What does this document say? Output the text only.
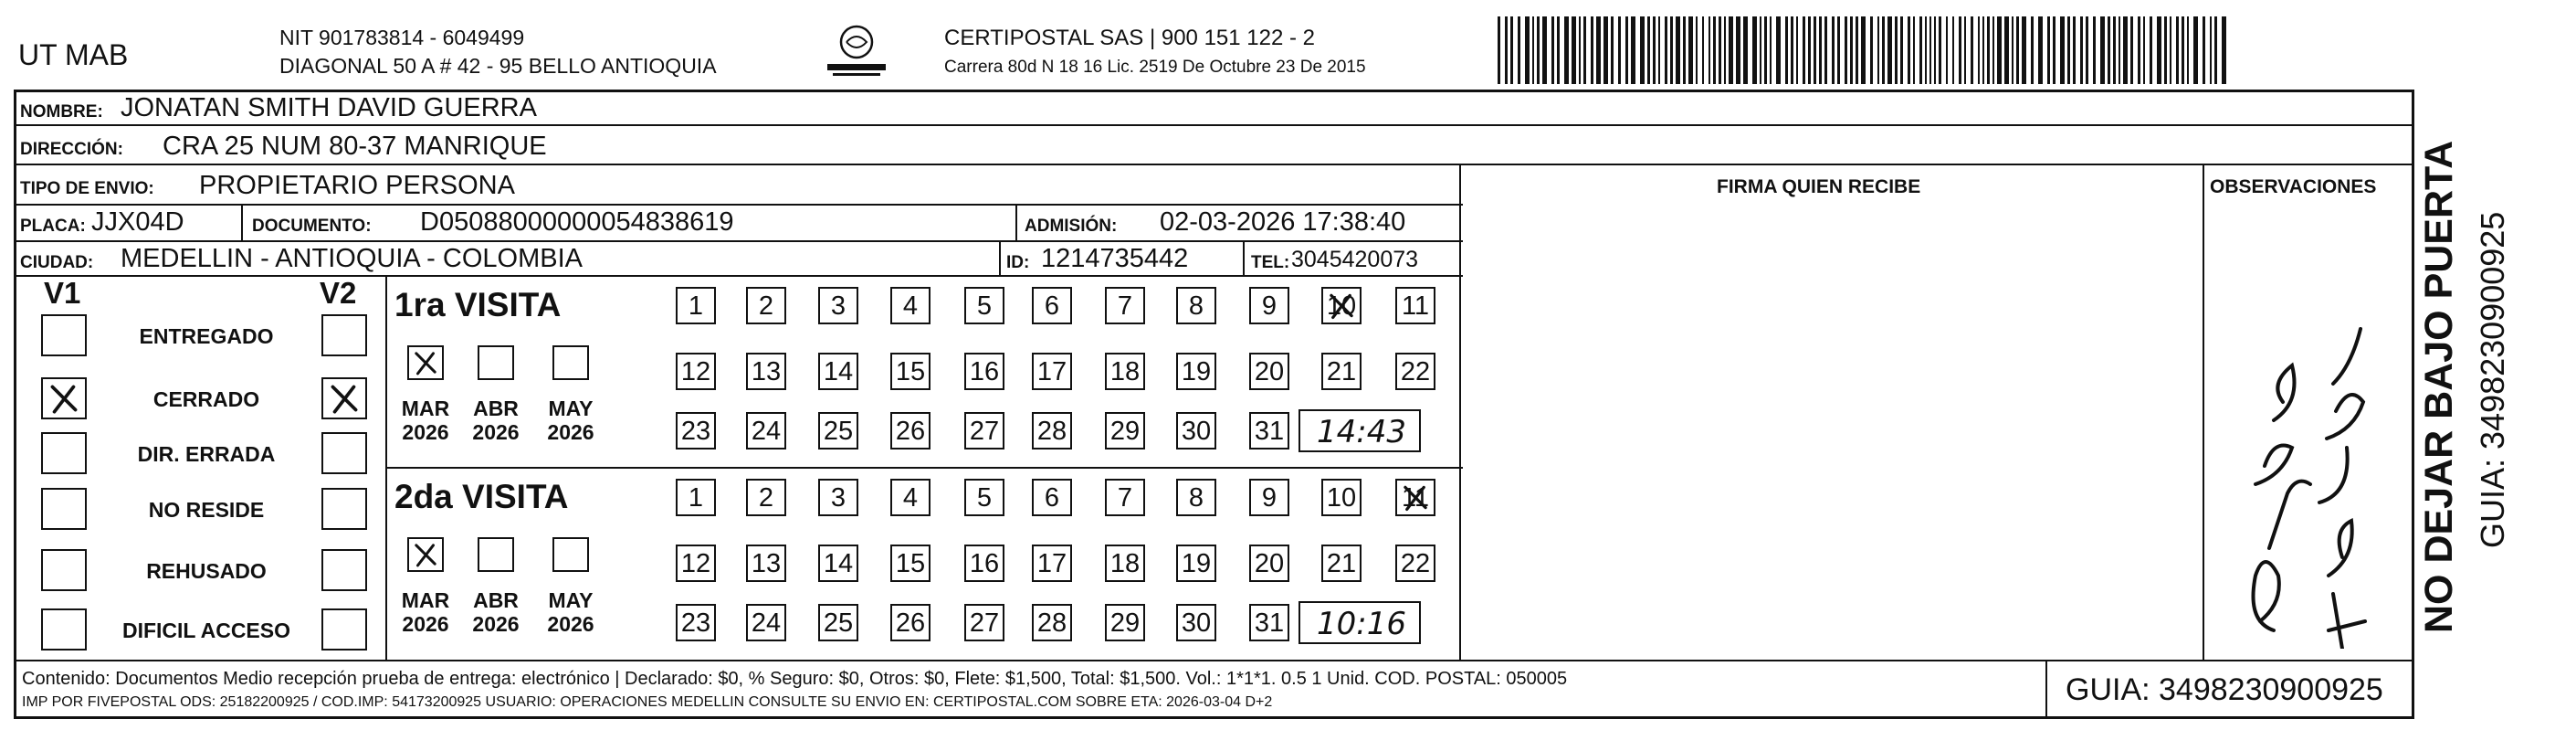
UT MAB
NIT 901783814 - 6049499
DIAGONAL 50 A # 42 - 95 BELLO ANTIOQUIA
CERTIPOSTAL SAS | 900 151 122 - 2
Carrera 80d N 18 16 Lic. 2519 De Octubre 23 De 2015
NOMBRE: JONATAN SMITH DAVID GUERRA
DIRECCIÓN: CRA 25 NUM 80-37 MANRIQUE
TIPO DE ENVIO: PROPIETARIO PERSONA	FIRMA QUIEN RECIBE	OBSERVACIONES
PLACA: JJX04D	DOCUMENTO: D05088000000054838619	ADMISIÓN: 02-03-2026 17:38:40
CIUDAD: MEDELLIN - ANTIOQUIA - COLOMBIA	ID: 1214735442	TEL: 3045420073
V1	V2
ENTREGADO
CERRADO
DIR. ERRADA
NO RESIDE
REHUSADO
DIFICIL ACCESO
1ra VISITA
MAR
2026
ABR
2026
MAY
2026
1	2	3	4	5	6	7	8	9	10 11
12 13 14 15 16 17 18 19 20 21 22
23 24 25 26 27 28 29 30 31 14:43
2da VISITA
MAR
2026
ABR
2026
MAY
2026
1	2	3	4	5	6	7	8	9	10 11
12 13 14 15 16 17 18 19 20 21 22
23 24 25 26 27 28 29 30 31 10:16
Contenido: Documentos Medio recepción prueba de entrega: electrónico | Declarado: $0, % Seguro: $0, Otros: $0, Flete: $1,500, Total: $1,500. Vol.: 1*1*1. 0.5 1 Unid. COD. POSTAL: 050005
IMP POR FIVEPOSTAL ODS: 25182200925 / COD.IMP: 54173200925 USUARIO: OPERACIONES MEDELLIN CONSULTE SU ENVIO EN: CERTIPOSTAL.COM SOBRE ETA: 2026-03-04 D+2	GUIA: 3498230900925
NO DEJAR BAJO PUERTA GUIA: 3498230900925
